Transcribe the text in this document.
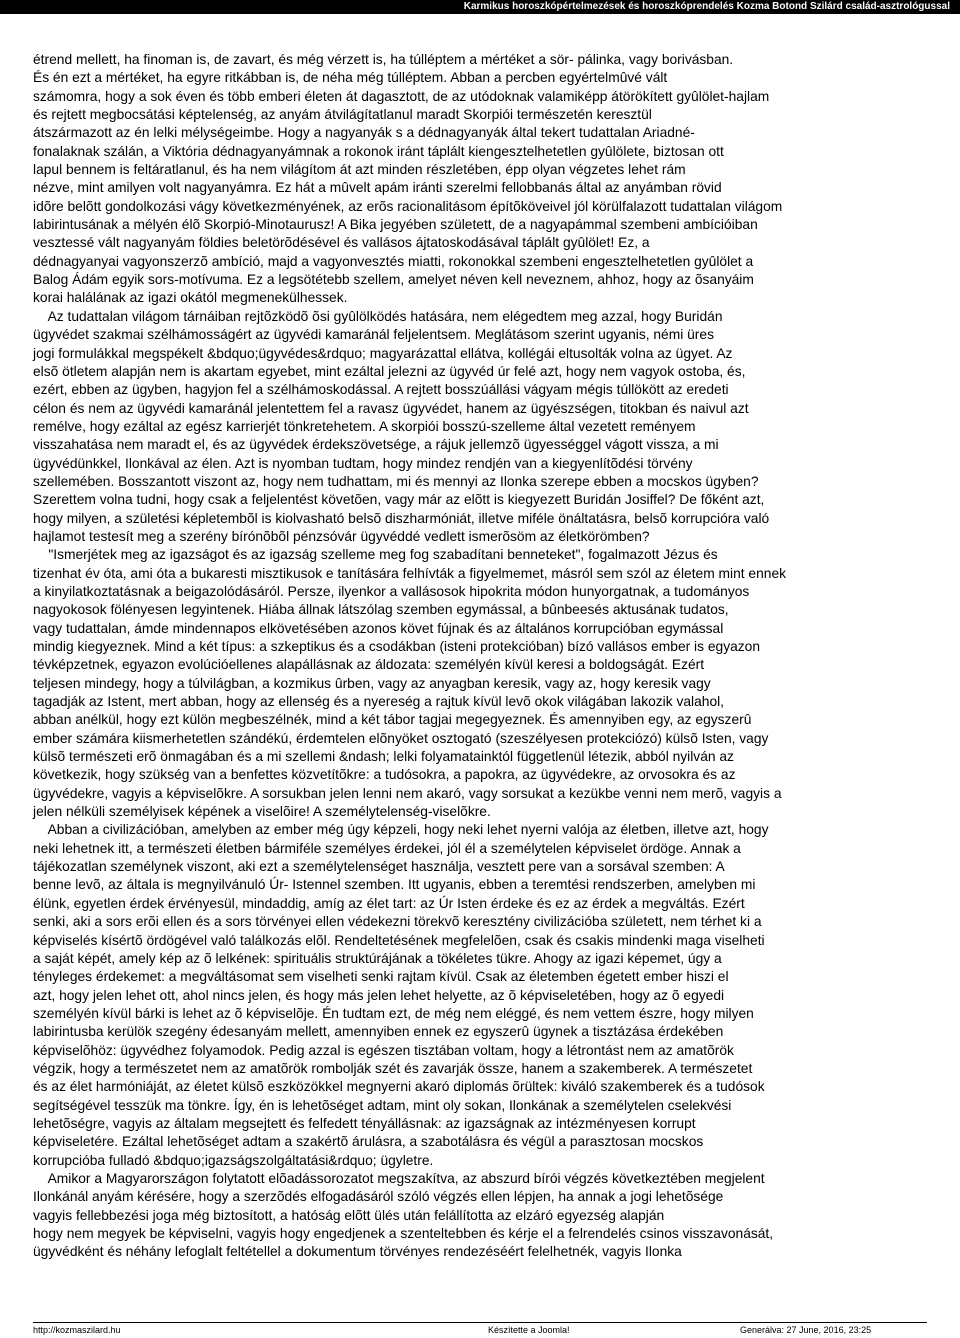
Karmikus horoszkópértelmezések és horoszkóprendelés Kozma Botond Szilárd család-asztrológussal
étrend mellett, ha finoman is, de zavart, és még vérzett is, ha túlléptem a mértéket a sör- pálinka, vagy borivásban.
És én ezt a mértéket, ha egyre ritkábban is, de néha még túlléptem. Abban a percben egyértelmûvé vált
számomra, hogy a sok éven és több emberi életen át dagasztott, de az utódoknak valamiképp átörökített gyûlölet-hajlam
és rejtett megbocsátási képtelenség, az anyám átvilágítatlanul maradt Skorpiói természetén keresztül
átszármazott az én lelki mélységeimbe. Hogy a nagyanyák s a dédnagyanyák által tekert tudattalan Ariadné-
fonalaknak szálán, a Viktória dédnagyanyámnak a rokonok iránt táplált kiengesztelhetetlen gyûlölete, biztosan ott
lapul bennem is feltáratlanul, és ha nem világítom át azt minden részletében, épp olyan végzetes lehet rám
nézve, mint amilyen volt nagyanyámra. Ez hát a mûvelt apám iránti szerelmi fellobbanás által az anyámban rövid
idõre belõtt gondolkozási vágy következményének, az erõs racionalitásom építõköveivel jól körülfalazott tudattalan világom
labirintusának a mélyén élõ Skorpió-Minotaurusz! A Bika jegyében született, de a nagyapámmal szembeni ambícióiban
vesztessé vált nagyanyám földies beletörõdésével és vallásos ájtatoskodásával táplált gyûlölet! Ez, a
dédnagyanyai vagyonszerzõ ambíció, majd a vagyonvesztés miatti, rokonokkal szembeni engesztelhetetlen gyûlölet a
Balog Ádám egyik sors-motívuma. Ez a legsötétebb szellem, amelyet néven kell neveznem, ahhoz, hogy az õsanyáim
korai halálának az igazi okától megmenekülhessek.
Az tudattalan világom tárnáiban rejtõzködõ õsi gyûlölködés hatására, nem elégedtem meg azzal, hogy Buridán
ügyvédet szakmai szélhámosságért az ügyvédi kamaránál feljelentsem. Meglátásom szerint ugyanis, némi üres
jogi formulákkal megspékelt &bdquo;ügyvédes&rdquo; magyarázattal ellátva, kollégái eltusolták volna az ügyet. Az
elsõ ötletem alapján nem is akartam egyebet, mint ezáltal jelezni az ügyvéd úr felé azt, hogy nem vagyok ostoba, és,
ezért, ebben az ügyben, hagyjon fel a szélhámoskodással. A rejtett bosszúállási vágyam mégis túllökött az eredeti
célon és nem az ügyvédi kamaránál jelentettem fel a ravasz ügyvédet, hanem az ügyészségen, titokban és naivul azt
remélve, hogy ezáltal az egész karrierjét tönkretehetem. A skorpiói bosszú-szelleme által vezetett reményem
visszahatása nem maradt el, és az ügyvédek érdekszövetsége, a rájuk jellemzõ ügyességgel vágott vissza, a mi
ügyvédünkkel, Ilonkával az élen. Azt is nyomban tudtam, hogy mindez rendjén van a kiegyenlítõdési törvény
szellemében. Bosszantott viszont az, hogy nem tudhattam, mi és mennyi az Ilonka szerepe ebben a mocskos ügyben?
Szerettem volna tudni, hogy csak a feljelentést követõen, vagy már az elõtt is kiegyezett Buridán Josiffel? De főként azt,
hogy milyen, a születési képletembõl is kiolvasható belsõ diszharmóniát, illetve miféle önáltatásra, belsõ korrupcióra való
hajlamot testesít meg a szerény bírónõbõl pénzsóvár ügyvéddé vedlett ismerõsöm az életkörömben?
"Ismerjétek meg az igazságot és az igazság szelleme meg fog szabadítani benneteket", fogalmazott Jézus és
tizenhat év óta, ami óta a bukaresti misztikusok e tanítására felhívták a figyelmemet, másról sem szól az életem mint ennek
a kinyilatkoztatásnak a beigazolódásáról. Persze, ilyenkor a vallásosok hipokrita módon hunyorgatnak, a tudományos
nagyokosok fölényesen legyintenek. Hiába állnak látszólag szemben egymással, a bûnbeesés aktusának tudatos,
vagy tudattalan, ámde mindennapos elkövetésében azonos követ fújnak és az általános korrupcióban egymással
mindig kiegyeznek. Mind a két típus: a szkeptikus és a csodákban (isteni protekcióban) bízó vallásos ember is egyazon
tévképzetnek, egyazon evolúcióellenes alapállásnak az áldozata: személyén kívül keresi a boldogságát. Ezért
teljesen mindegy, hogy a túlvilágban, a kozmikus ûrben, vagy az anyagban keresik, vagy az, hogy keresik vagy
tagadják az Istent, mert abban, hogy az ellenség és a nyereség a rajtuk kívül levõ okok világában lakozik valahol,
abban anélkül, hogy ezt külön megbeszélnék, mind a két tábor tagjai megegyeznek. És amennyiben egy, az egyszerû
ember számára kiismerhetetlen szándékú, érdemtelen elõnyöket osztogató (szeszélyesen protekciózó) külsõ Isten, vagy
külsõ természeti erõ önmagában és a mi szellemi &ndash; lelki folyamatainktól függetlenül létezik, abból nyilván az
következik, hogy szükség van a benfettes közvetítõkre: a tudósokra, a papokra, az ügyvédekre, az orvosokra és az
ügyvédekre, vagyis a képviselõkre. A sorsukban jelen lenni nem akaró, vagy sorsukat a kezükbe venni nem merõ, vagyis a
jelen nélküli személyisek képének a viselõire! A személytelenség-viselõkre.
Abban a civilizációban, amelyben az ember még úgy képzeli, hogy neki lehet nyerni valója az életben, illetve azt, hogy
neki lehetnek itt, a természeti életben bármiféle személyes érdekei, jól él a személytelen képviselet ördöge. Annak a
tájékozatlan személynek viszont, aki ezt a személytelenséget használja, vesztett pere van a sorsával szemben: A
benne levõ, az általa is megnyilvánuló Úr- Istennel szemben. Itt ugyanis, ebben a teremtési rendszerben, amelyben mi
élünk, egyetlen érdek érvényesül, mindaddig, amíg az élet tart: az Úr Isten érdeke és ez az érdek a megváltás. Ezért
senki, aki a sors erõi ellen és a sors törvényei ellen védekezni törekvõ keresztény civilizációba született, nem térhet ki a
képviselés kísértõ ördögével való találkozás elõl. Rendeltetésének megfelelõen, csak és csakis mindenki maga viselheti
a saját képét, amely kép az õ lelkének: spirituális struktúrájának a tökéletes tükre. Ahogy az igazi képemet, úgy a
tényleges érdekemet: a megváltásomat sem viselheti senki rajtam kívül. Csak az életemben égetett ember hiszi el
azt, hogy jelen lehet ott, ahol nincs jelen, és hogy más jelen lehet helyette, az õ képviseletében, hogy az õ egyedi
személyén kívül bárki is lehet az õ képviselõje. Én tudtam ezt, de még nem eléggé, és nem vettem észre, hogy milyen
labirintusba kerülök szegény édesanyám mellett, amennyiben ennek ez egyszerû ügynek a tisztázása érdekében
képviselõhöz: ügyvédhez folyamodok. Pedig azzal is egészen tisztában voltam, hogy a létrontást nem az amatõrök
végzik, hogy a természetet nem az amatõrök rombolják szét és zavarják össze, hanem a szakemberek. A természetet
és az élet harmóniáját, az életet külsõ eszközökkel megnyerni akaró diplomás õrültek: kiváló szakemberek és a tudósok
segítségével tesszük ma tönkre. Így, én is lehetõséget adtam, mint oly sokan, Ilonkának a személytelen cselekvési
lehetõségre, vagyis az általam megsejtett és felfedett tényállásnak: az igazságnak az intézményesen korrupt
képviseletére. Ezáltal lehetõséget adtam a szakértõ árulásra, a szabotálásra és végül a parasztosan mocskos
korrupcióba fulladó &bdquo;igazságszolgáltatási&rdquo; ügyletre.
Amikor a Magyarországon folytatott elõadássorozatot megszakítva, az abszurd bírói végzés következtében megjelent
Ilonkánál anyám kérésére, hogy a szerzõdés elfogadásáról szóló végzés ellen lépjen, ha annak a jogi lehetõsége
vagyis fellebbezési joga még biztosított, a hatóság elõtt ülés után felállította az elzáró egyezség alapján
hogy nem megyek be képviselni, vagyis hogy engedjenek a szenteltebben és kérje el a felrendelés csinos visszavonását,
ügyvédként és néhány lefoglalt feltétellel a dokumentum törvényes rendezéséért felelhetnék, vagyis Ilonka
http://kozmaszilard.hu	Készítette a Joomla!	Generálva: 27 June, 2016, 23:25
